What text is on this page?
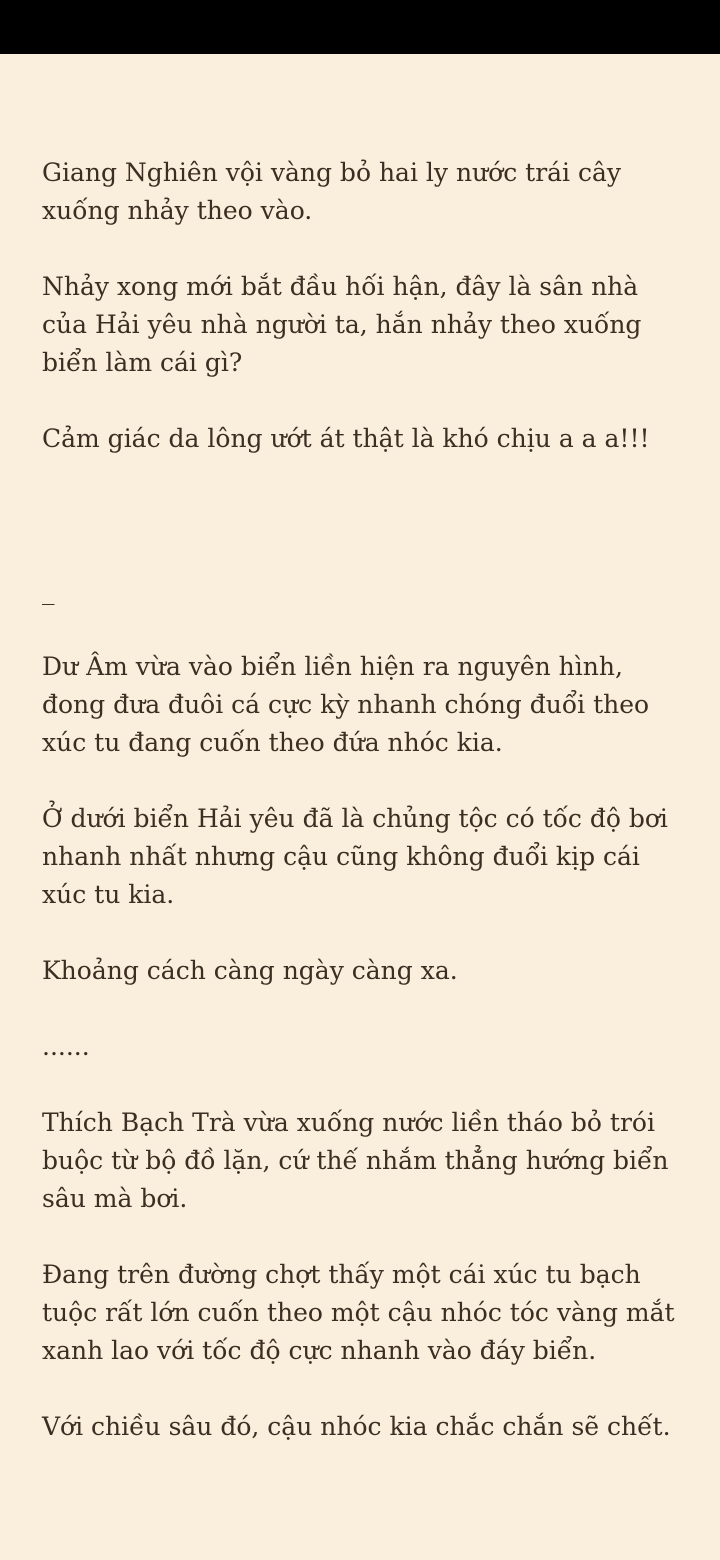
Giang Nghiên vội vàng bỏ hai ly nước trái cây xuống nhảy theo vào.

Nhảy xong mới bắt đầu hối hận, đây là sân nhà của Hải yêu nhà người ta, hắn nhảy theo xuống biển làm cái gì?

Cảm giác da lông ướt át thật là khó chịu a a a!!!

_

Dư Âm vừa vào biển liền hiện ra nguyên hình, đong đưa đuôi cá cực kỳ nhanh chóng đuổi theo xúc tu đang cuốn theo đứa nhóc kia.

Ở dưới biển Hải yêu đã là chủng tộc có tốc độ bơi nhanh nhất nhưng cậu cũng không đuổi kịp cái xúc tu kia.

Khoảng cách càng ngày càng xa.

......

Thích Bạch Trà vừa xuống nước liền tháo bỏ trói buộc từ bộ đồ lặn, cứ thế nhắm thẳng hướng biển sâu mà bơi.

Đang trên đường chợt thấy một cái xúc tu bạch tuộc rất lớn cuốn theo một cậu nhóc tóc vàng mắt xanh lao với tốc độ cực nhanh vào đáy biển.

Với chiều sâu đó, cậu nhóc kia chắc chắn sẽ chết.
